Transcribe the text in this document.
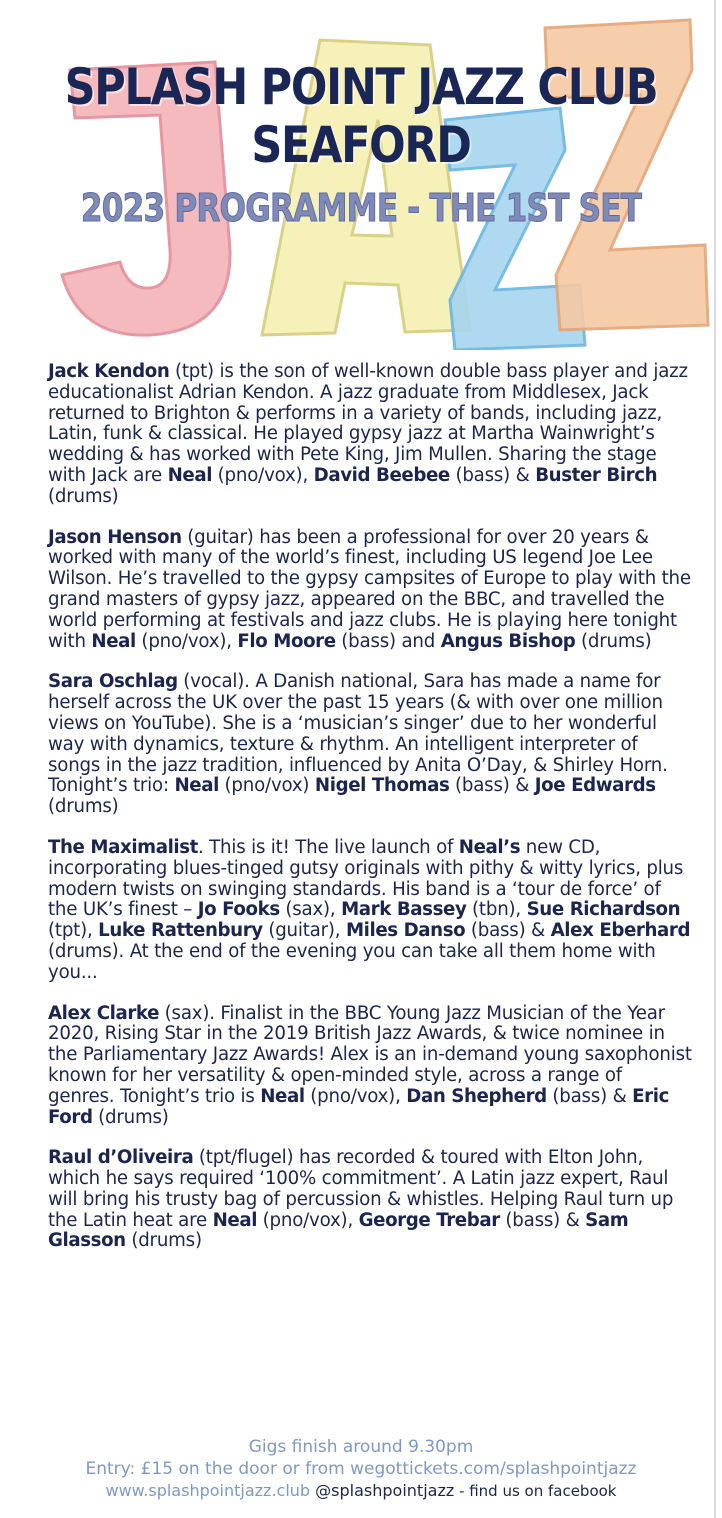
SPLASH POINT JAZZ CLUB
SEAFORD
2023 PROGRAMME - THE 1ST SET

Jack Kendon (tpt) is the son of well-known double bass player and jazz educationalist Adrian Kendon. A jazz graduate from Middlesex, Jack returned to Brighton & performs in a variety of bands, including jazz, Latin, funk & classical. He played gypsy jazz at Martha Wainwright’s wedding & has worked with Pete King, Jim Mullen. Sharing the stage with Jack are Neal (pno/vox), David Beebee (bass) & Buster Birch (drums)

Jason Henson (guitar) has been a professional for over 20 years & worked with many of the world’s finest, including US legend Joe Lee Wilson. He’s travelled to the gypsy campsites of Europe to play with the grand masters of gypsy jazz, appeared on the BBC, and travelled the world performing at festivals and jazz clubs. He is playing here tonight with Neal (pno/vox), Flo Moore (bass) and Angus Bishop (drums)

Sara Oschlag (vocal). A Danish national, Sara has made a name for herself across the UK over the past 15 years (& with over one million views on YouTube). She is a ‘musician’s singer’ due to her wonderful way with dynamics, texture & rhythm. An intelligent interpreter of songs in the jazz tradition, influenced by Anita O’Day, & Shirley Horn. Tonight’s trio: Neal (pno/vox) Nigel Thomas (bass) & Joe Edwards (drums)

The Maximalist. This is it! The live launch of Neal’s new CD, incorporating blues-tinged gutsy originals with pithy & witty lyrics, plus modern twists on swinging standards. His band is a ‘tour de force’ of the UK’s finest – Jo Fooks (sax), Mark Bassey (tbn), Sue Richardson (tpt), Luke Rattenbury (guitar), Miles Danso (bass) & Alex Eberhard (drums). At the end of the evening you can take all them home with you...

Alex Clarke (sax). Finalist in the BBC Young Jazz Musician of the Year 2020, Rising Star in the 2019 British Jazz Awards, & twice nominee in the Parliamentary Jazz Awards! Alex is an in-demand young saxophonist known for her versatility & open-minded style, across a range of genres. Tonight’s trio is Neal (pno/vox), Dan Shepherd (bass) & Eric Ford (drums)

Raul d’Oliveira (tpt/flugel) has recorded & toured with Elton John, which he says required ‘100% commitment’. A Latin jazz expert, Raul will bring his trusty bag of percussion & whistles. Helping Raul turn up the Latin heat are Neal (pno/vox), George Trebar (bass) & Sam Glasson (drums)

Gigs finish around 9.30pm
Entry: £15 on the door or from wegottickets.com/splashpointjazz
www.splashpointjazz.club @splashpointjazz - find us on facebook
